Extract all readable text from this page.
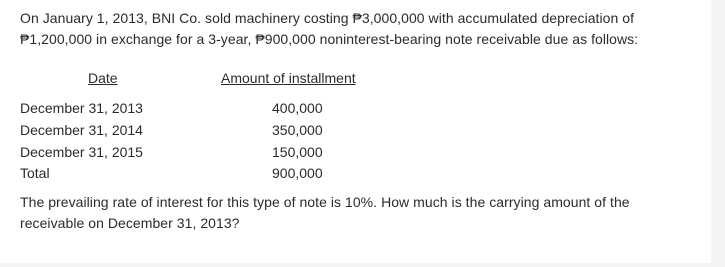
On January 1, 2013, BNI Co. sold machinery costing ₱3,000,000 with accumulated depreciation of
₱1,200,000 in exchange for a 3-year, ₱900,000 noninterest-bearing note receivable due as follows:
Date	Amount of installment
December 31, 2013	400,000
December 31, 2014	350,000
December 31, 2015	150,000
Total	900,000
The prevailing rate of interest for this type of note is 10%. How much is the carrying amount of the
receivable on December 31, 2013?
